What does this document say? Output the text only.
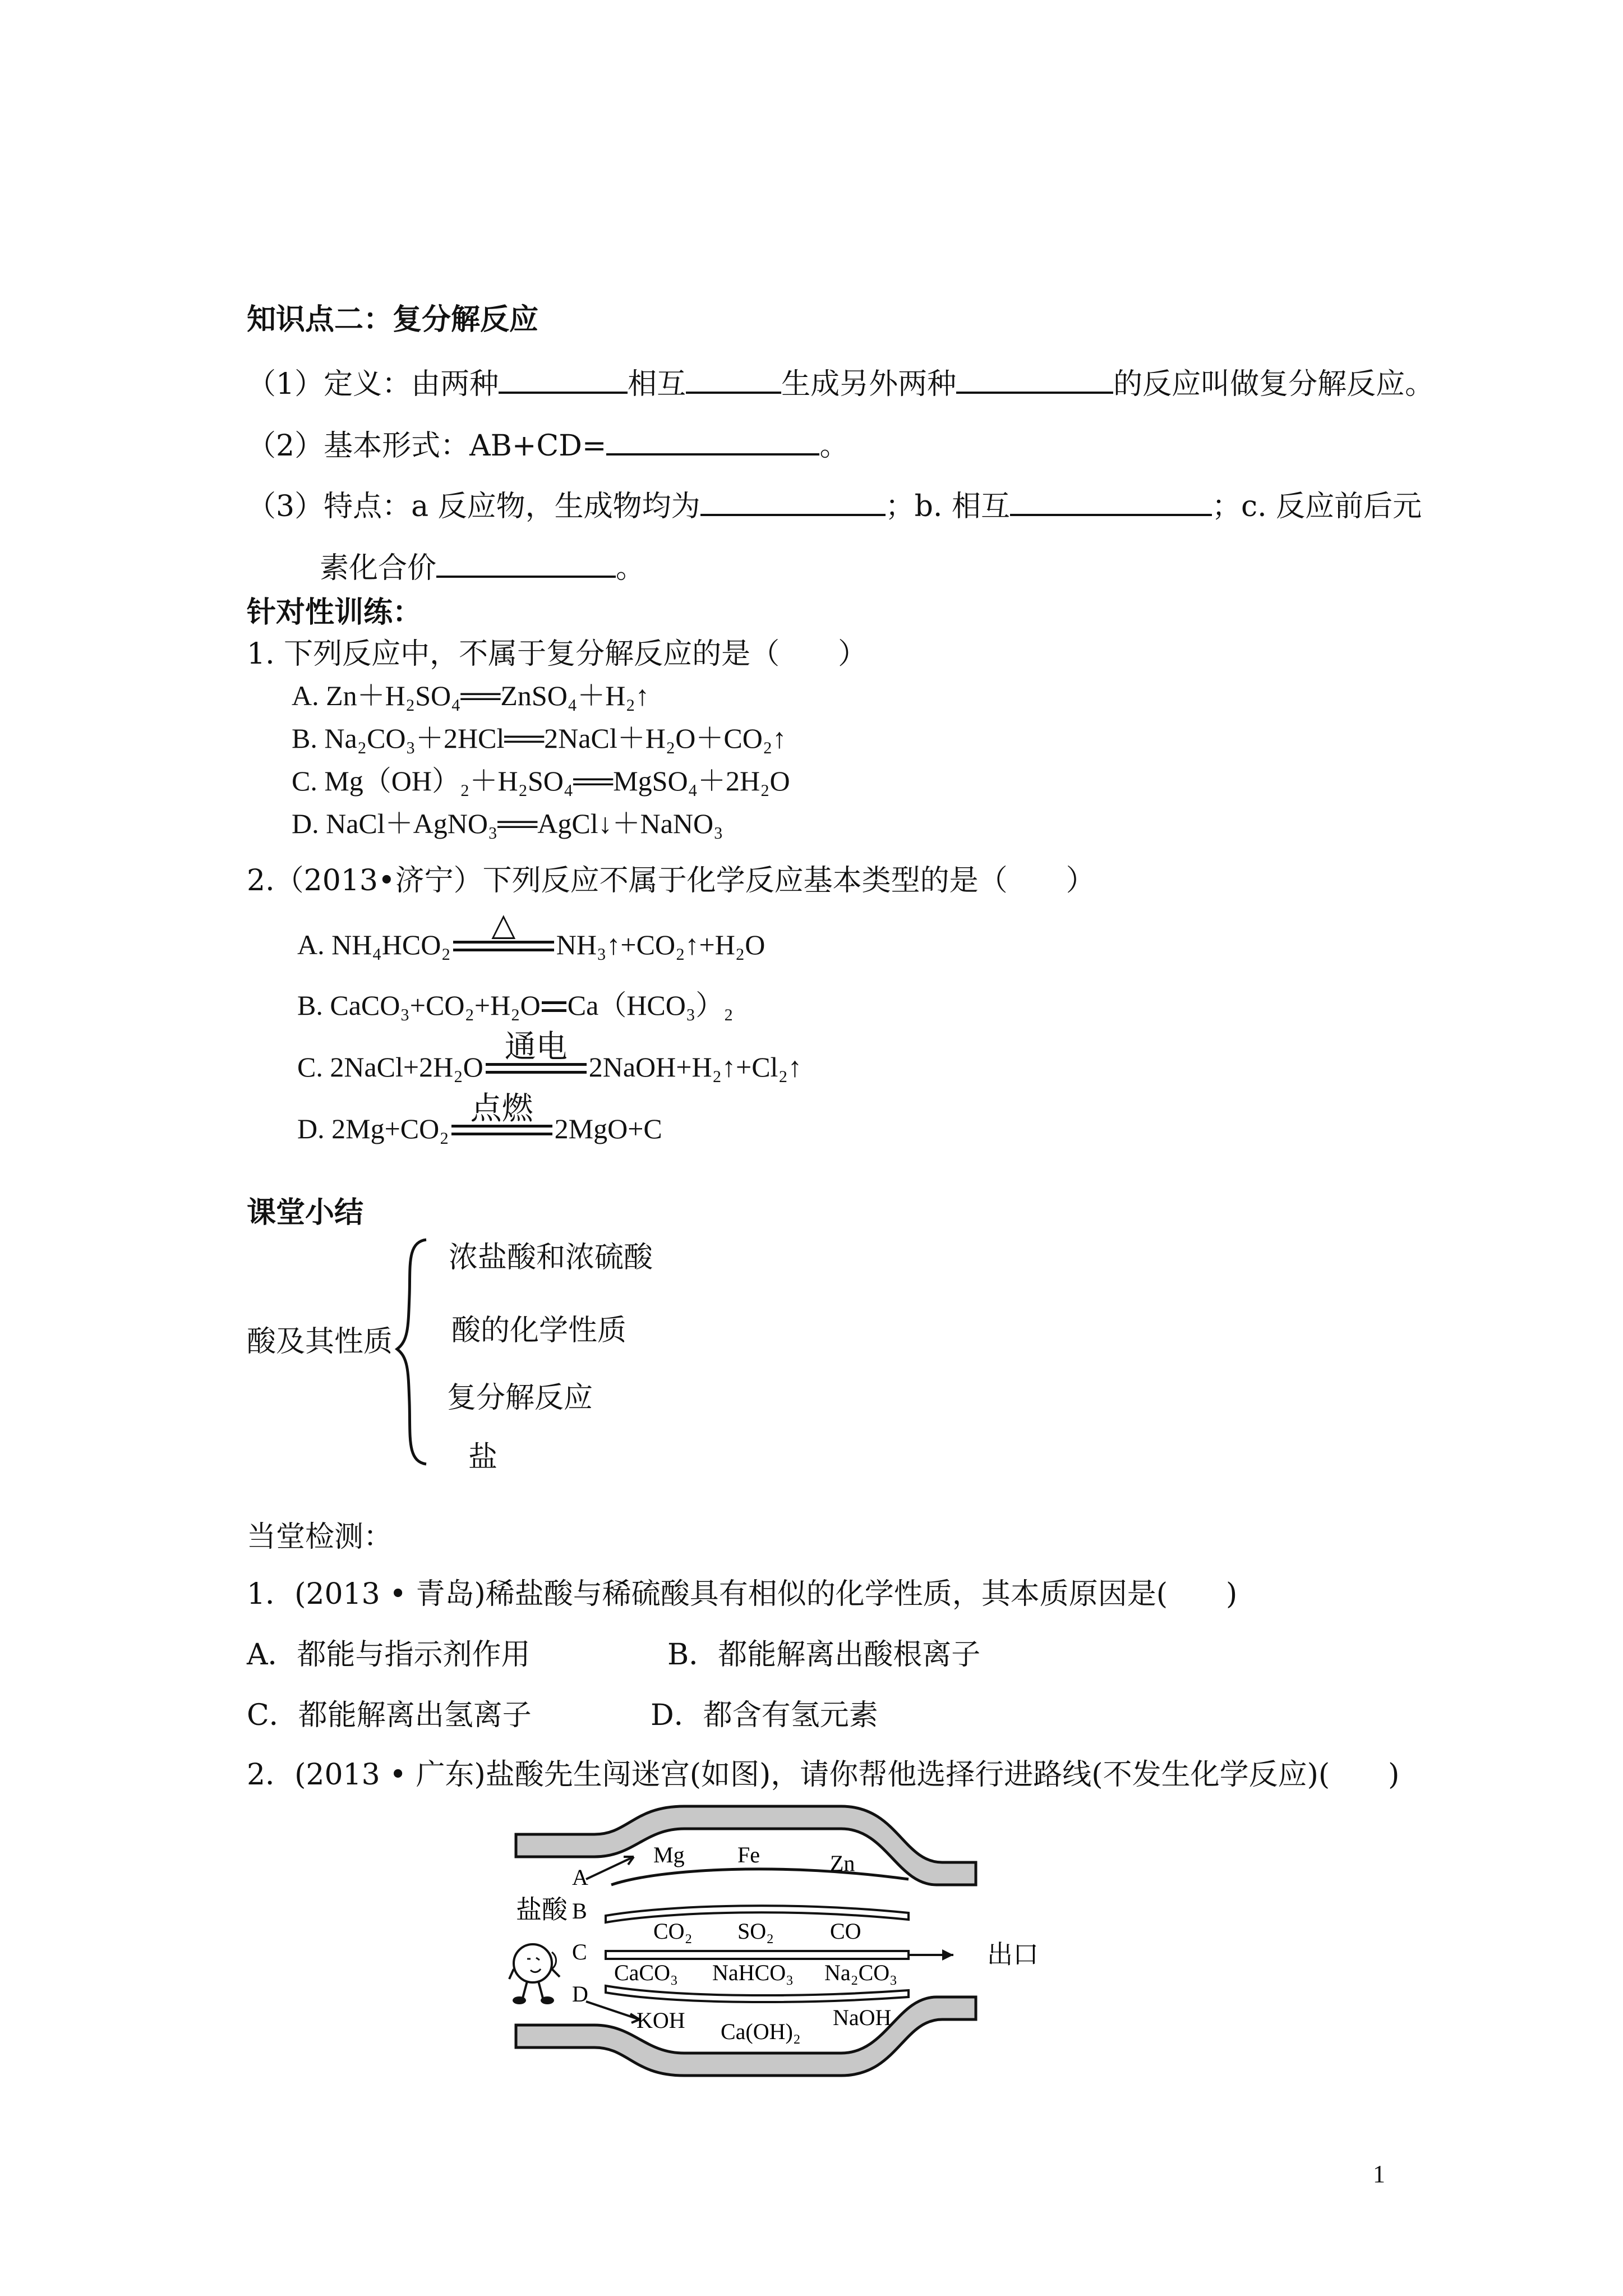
知识点二：复分解反应
（1）定义：由两种	相互	生成另外两种	的反应叫做复分解反应。
（2）基本形式：AB+CD=	。
（3）特点：a 反应物，生成物均为	；b. 相互	；c. 反应前后元
素化合价	。
针对性训练：
1. 下列反应中，不属于复分解反应的是（　　）
A. Zn＋H₂SO₄══ZnSO₄＋H₂↑
B. Na₂CO₃＋2HCl══2NaCl＋H₂O＋CO₂↑
C. Mg（OH）₂＋H₂SO₄══MgSO₄＋2H₂O
D. NaCl＋AgNO₃══AgCl↓＋NaNO₃
2.（2013•济宁）下列反应不属于化学反应基本类型的是（　　）
A. NH₄HCO₂
△
NH₃↑+CO₂↑+H₂O
B. CaCO₃+CO₂+H₂O Ca（HCO₃）₂
C. 2NaCl+2H₂O
通电
2NaOH+H₂↑+Cl₂↑
D. 2Mg+CO₂
点燃
2MgO+C
课堂小结
酸及其性质
浓盐酸和浓硫酸
酸的化学性质
复分解反应
盐
当堂检测：
1．(2013 • 青岛)稀盐酸与稀硫酸具有相似的化学性质，其本质原因是(　　)
A．都能与指示剂作用	B．都能解离出酸根离子
C．都能解离出氢离子	D．都含有氢元素
2．(2013 • 广东)盐酸先生闯迷宫(如图)，请你帮他选择行进路线(不发生化学反应)(　　)
盐酸
出口
A
B
C
D
Mg Fe	Zn
CO₂ SO₂ CO
CaCO₃ NaHCO₃ Na₂CO₃
KOH Ca(OH)₂
NaOH
1
